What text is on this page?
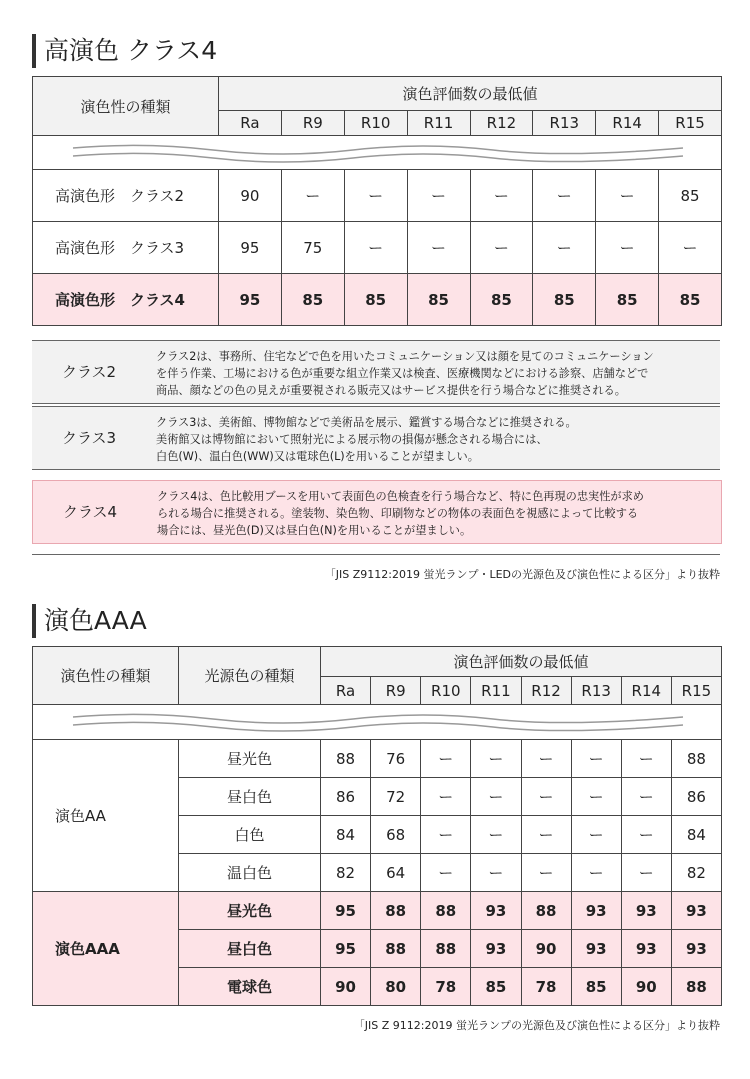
高演色 クラス4
演色性の種類	演色評価数の最低値							
	Ra	R9	R10	R11	R12	R13	R14	R15

高演色形　クラス2	90	ー	ー	ー	ー	ー	ー	85
高演色形　クラス3	95	75	ー	ー	ー	ー	ー	ー
高演色形　クラス4	95	85	85	85	85	85	85	85
クラス2
クラス2は、事務所、住宅などで色を用いたコミュニケーション又は顔を見てのコミュニケーション
を伴う作業、工場における色が重要な組立作業又は検査、医療機関などにおける診察、店舗などで
商品、顔などの色の見えが重要視される販売又はサービス提供を行う場合などに推奨される。
クラス3
クラス3は、美術館、博物館などで美術品を展示、鑑賞する場合などに推奨される。
美術館又は博物館において照射光による展示物の損傷が懸念される場合には、
白色(W)、温白色(WW)又は電球色(L)を用いることが望ましい。
クラス4
クラス4は、色比較用ブースを用いて表面色の色検査を行う場合など、特に色再現の忠実性が求め
られる場合に推奨される。塗装物、染色物、印刷物などの物体の表面色を視感によって比較する
場合には、昼光色(D)又は昼白色(N)を用いることが望ましい。
「JIS Z9112:2019 蛍光ランプ・LEDの光源色及び演色性による区分」より抜粋
演色AAA
演色性の種類	光源色の種類	演色評価数の最低値							
		Ra	R9	R10	R11	R12	R13	R14	R15

演色AA	昼光色	88	76	ー	ー	ー	ー	ー	88
	昼白色	86	72	ー	ー	ー	ー	ー	86
	白色	84	68	ー	ー	ー	ー	ー	84
	温白色	82	64	ー	ー	ー	ー	ー	82
演色AAA	昼光色	95	88	88	93	88	93	93	93
	昼白色	95	88	88	93	90	93	93	93
	電球色	90	80	78	85	78	85	90	88
「JIS Z 9112:2019 蛍光ランプの光源色及び演色性による区分」より抜粋
